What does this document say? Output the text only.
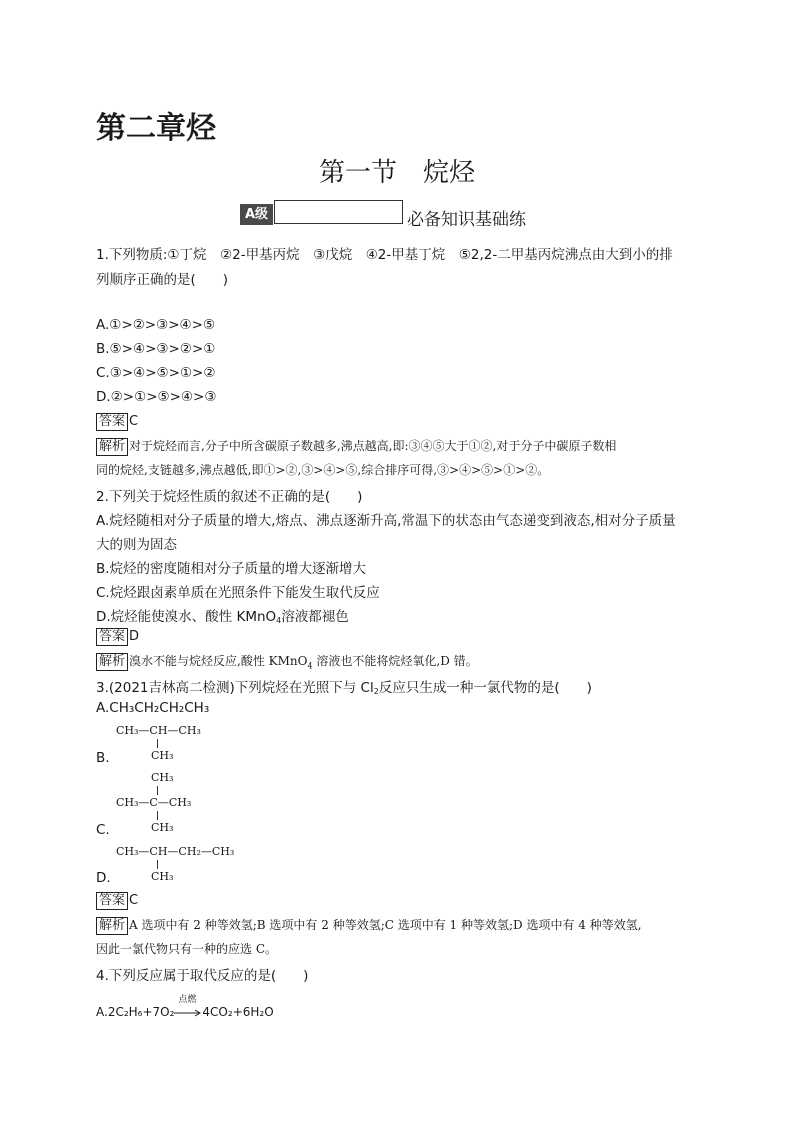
第二章烃
第一节 烷烃
A级	必备知识基础练
1.下列物质:①丁烷　②2-甲基丙烷　③戊烷　④2-甲基丁烷　⑤2,2-二甲基丙烷沸点由大到小的排
列顺序正确的是(　　)
A.①>②>③>④>⑤
B.⑤>④>③>②>①
C.③>④>⑤>①>②
D.②>①>⑤>④>③
答案 C
解析 对于烷烃而言,分子中所含碳原子数越多,沸点越高,即:③④⑤大于①②,对于分子中碳原子数相
同的烷烃,支链越多,沸点越低,即①>②,③>④>⑤,综合排序可得,③>④>⑤>①>②。
2.下列关于烷烃性质的叙述不正确的是(　　)
A.烷烃随相对分子质量的增大,熔点、沸点逐渐升高,常温下的状态由气态递变到液态,相对分子质量
大的则为固态
B.烷烃的密度随相对分子质量的增大逐渐增大
C.烷烃跟卤素单质在光照条件下能发生取代反应
D.烷烃能使溴水、酸性 KMnO$_4$溶液都褪色
答案 D
解析 溴水不能与烷烃反应,酸性 KMnO$_4$ 溶液也不能将烷烃氧化,D 错。
3.(2021吉林高二检测)下列烷烃在光照下与 $Cl_2$反应只生成一种一氯代物的是(　　)
A.CH₃CH₂CH₂CH₃
CH₃—CH—CH₃
CH₃
B.
CH₃
CH₃—C—CH₃
CH₃
C.
CH₃—CH—CH₂—CH₃
CH₃
D.
答案 C
解析 A 选项中有 2 种等效氢;B 选项中有 2 种等效氢;C 选项中有 1 种等效氢;D 选项中有 4 种等效氢,
因此一氯代物只有一种的应选 C。
4.下列反应属于取代反应的是(　　)
A.2C₂H₆+7O₂
点燃
4CO₂+6H₂O
